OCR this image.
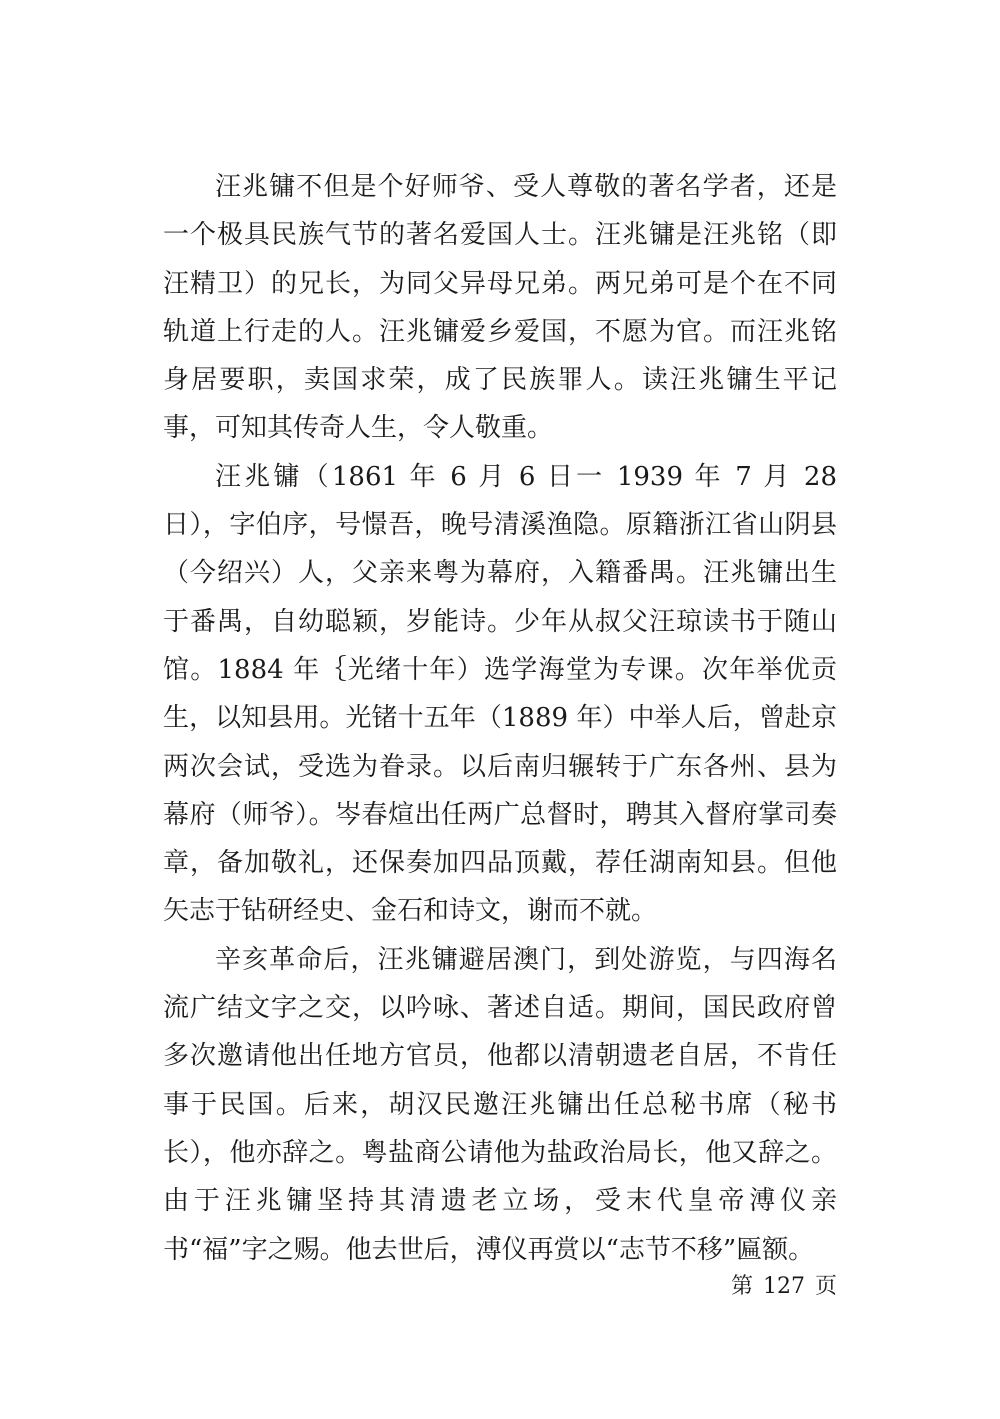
汪兆镛不但是个好师爷、受人尊敬的著名学者，还是一个极具民族气节的著名爱国人士。汪兆镛是汪兆铭（即汪精卫）的兄长，为同父异母兄弟。两兄弟可是个在不同轨道上行走的人。汪兆镛爱乡爱国，不愿为官。而汪兆铭身居要职，卖国求荣，成了民族罪人。读汪兆镛生平记事，可知其传奇人生，令人敬重。

汪兆镛（1861 年 6 月 6 日一 1939 年 7 月 28 日），字伯序，号憬吾，晚号清溪渔隐。原籍浙江省山阴县（今绍兴）人，父亲来粤为幕府，入籍番禺。汪兆镛出生于番禺，自幼聪颖，岁能诗。少年从叔父汪琼读书于随山馆。1884 年｛光绪十年）选学海堂为专课。次年举优贡生，以知县用。光锗十五年（1889 年）中举人后，曾赴京两次会试，受选为眷录。以后南归辗转于广东各州、县为幕府（师爷）。岑春煊出任两广总督时，聘其入督府掌司奏章，备加敬礼，还保奏加四品顶戴，荐任湖南知县。但他矢志于钻研经史、金石和诗文，谢而不就。

辛亥革命后，汪兆镛避居澳门，到处游览，与四海名流广结文字之交，以吟咏、著述自适。期间，国民政府曾多次邀请他出任地方官员，他都以清朝遗老自居，不肯任事于民国。后来，胡汉民邀汪兆镛出任总秘书席（秘书长），他亦辞之。粤盐商公请他为盐政治局长，他又辞之。由于汪兆镛坚持其清遗老立场，受末代皇帝溥仪亲书“福”字之赐。他去世后，溥仪再赏以“志节不移”匾额。

第 127 页
